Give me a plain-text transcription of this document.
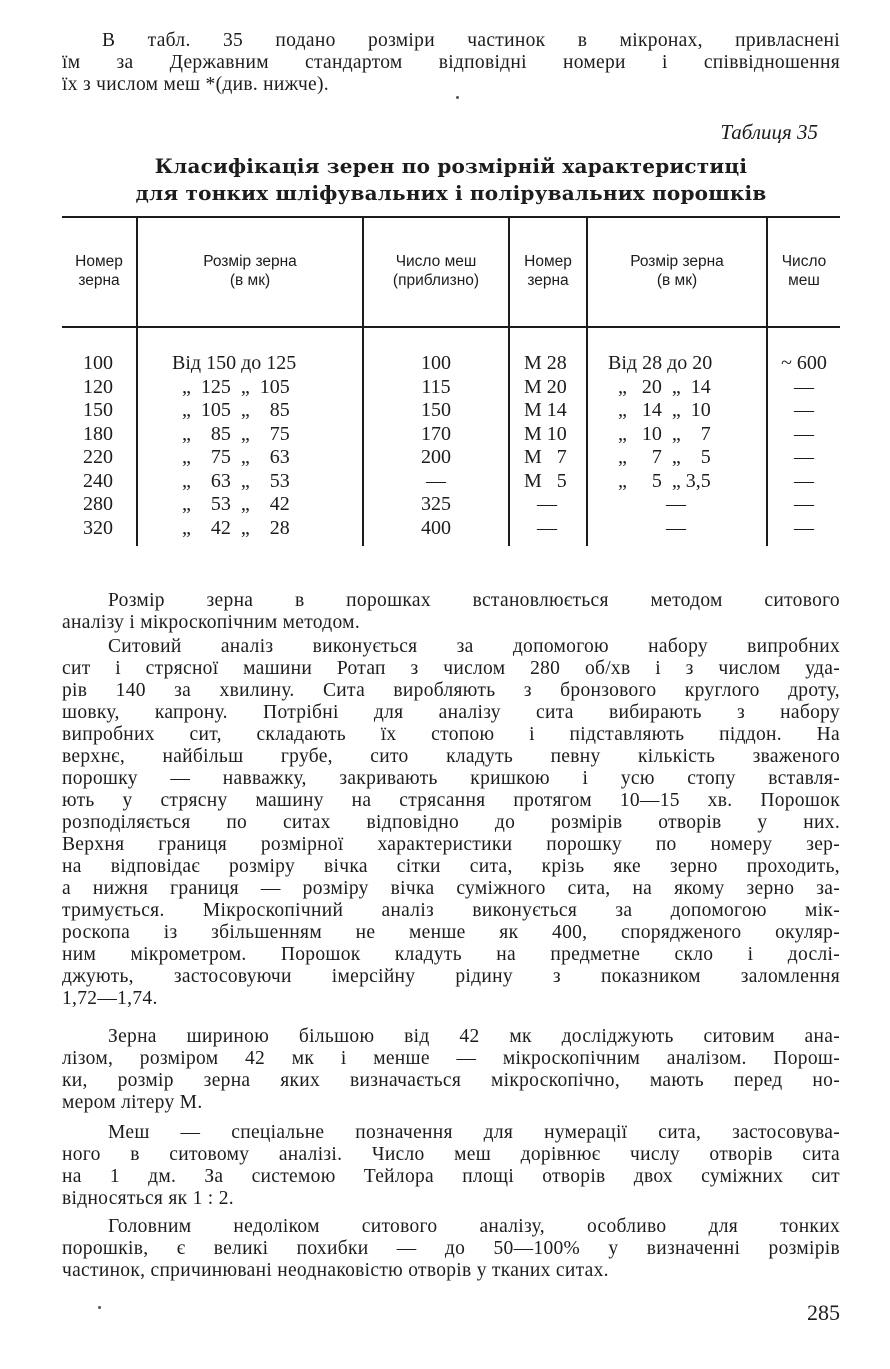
В табл. 35 подано розміри частинок в мікронах, привласнені
їм за Державним стандартом відповідні номери і співвідношення
їх з числом меш *(див. нижче).
Таблиця 35
Класифікація зерен по розмірній характеристиці
для тонких шліфувальних і полірувальних порошків
Номер
зерна
Розмір зерна
(в мк)
Число меш
(приблизно)
Номер
зерна
Розмір зерна
(в мк)
Число
меш
100
120
150
180
220
240
280
320
Від 150 до 125
„  125  „  105
„  105  „    85
„    85  „    75
„    75  „    63
„    63  „    53
„    53  „    42
„    42  „    28
100
115
150
170
200
—
325
400
М 28
М 20
М 14
М 10
М   7
М   5
—
—
Від 28 до 20
„   20  „  14
„   14  „  10
„   10  „    7
„     7  „    5
„     5  „ 3,5
—
—
~ 600
—
—
—
—
—
—
—
Розмір зерна в порошках встановлюється методом ситового
аналізу і мікроскопічним методом.
Ситовий аналіз виконується за допомогою набору випробних
сит і стрясної машини Ротап з числом 280 об/хв і з числом уда-
рів 140 за хвилину. Сита виробляють з бронзового круглого дроту,
шовку, капрону. Потрібні для аналізу сита вибирають з набору
випробних сит, складають їх стопою і підставляють піддон. На
верхнє, найбільш грубе, сито кладуть певну кількість зваженого
порошку — навважку, закривають кришкою і усю стопу вставля-
ють у стрясну машину на стрясання протягом 10—15 хв. Порошок
розподіляється по ситах відповідно до розмірів отворів у них.
Верхня границя розмірної характеристики порошку по номеру зер-
на відповідає розміру вічка сітки сита, крізь яке зерно проходить,
а нижня границя — розміру вічка суміжного сита, на якому зерно за-
тримується. Мікроскопічний аналіз виконується за допомогою мік-
роскопа із збільшенням не менше як 400, спорядженого окуляр-
ним мікрометром. Порошок кладуть на предметне скло і дослі-
джують, застосовуючи імерсійну рідину з показником заломлення
1,72—1,74.
Зерна шириною більшою від 42 мк досліджують ситовим ана-
лізом, розміром 42 мк і менше — мікроскопічним аналізом. Порош-
ки, розмір зерна яких визначається мікроскопічно, мають перед но-
мером літеру М.
Меш — спеціальне позначення для нумерації сита, застосовува-
ного в ситовому аналізі. Число меш дорівнює числу отворів сита
на 1 дм. За системою Тейлора площі отворів двох суміжних сит
відносяться як 1 : 2.
Головним недоліком ситового аналізу, особливо для тонких
порошків, є великі похибки — до 50—100% у визначенні розмірів
частинок, спричинювані неоднаковістю отворів у тканих ситах.
285
